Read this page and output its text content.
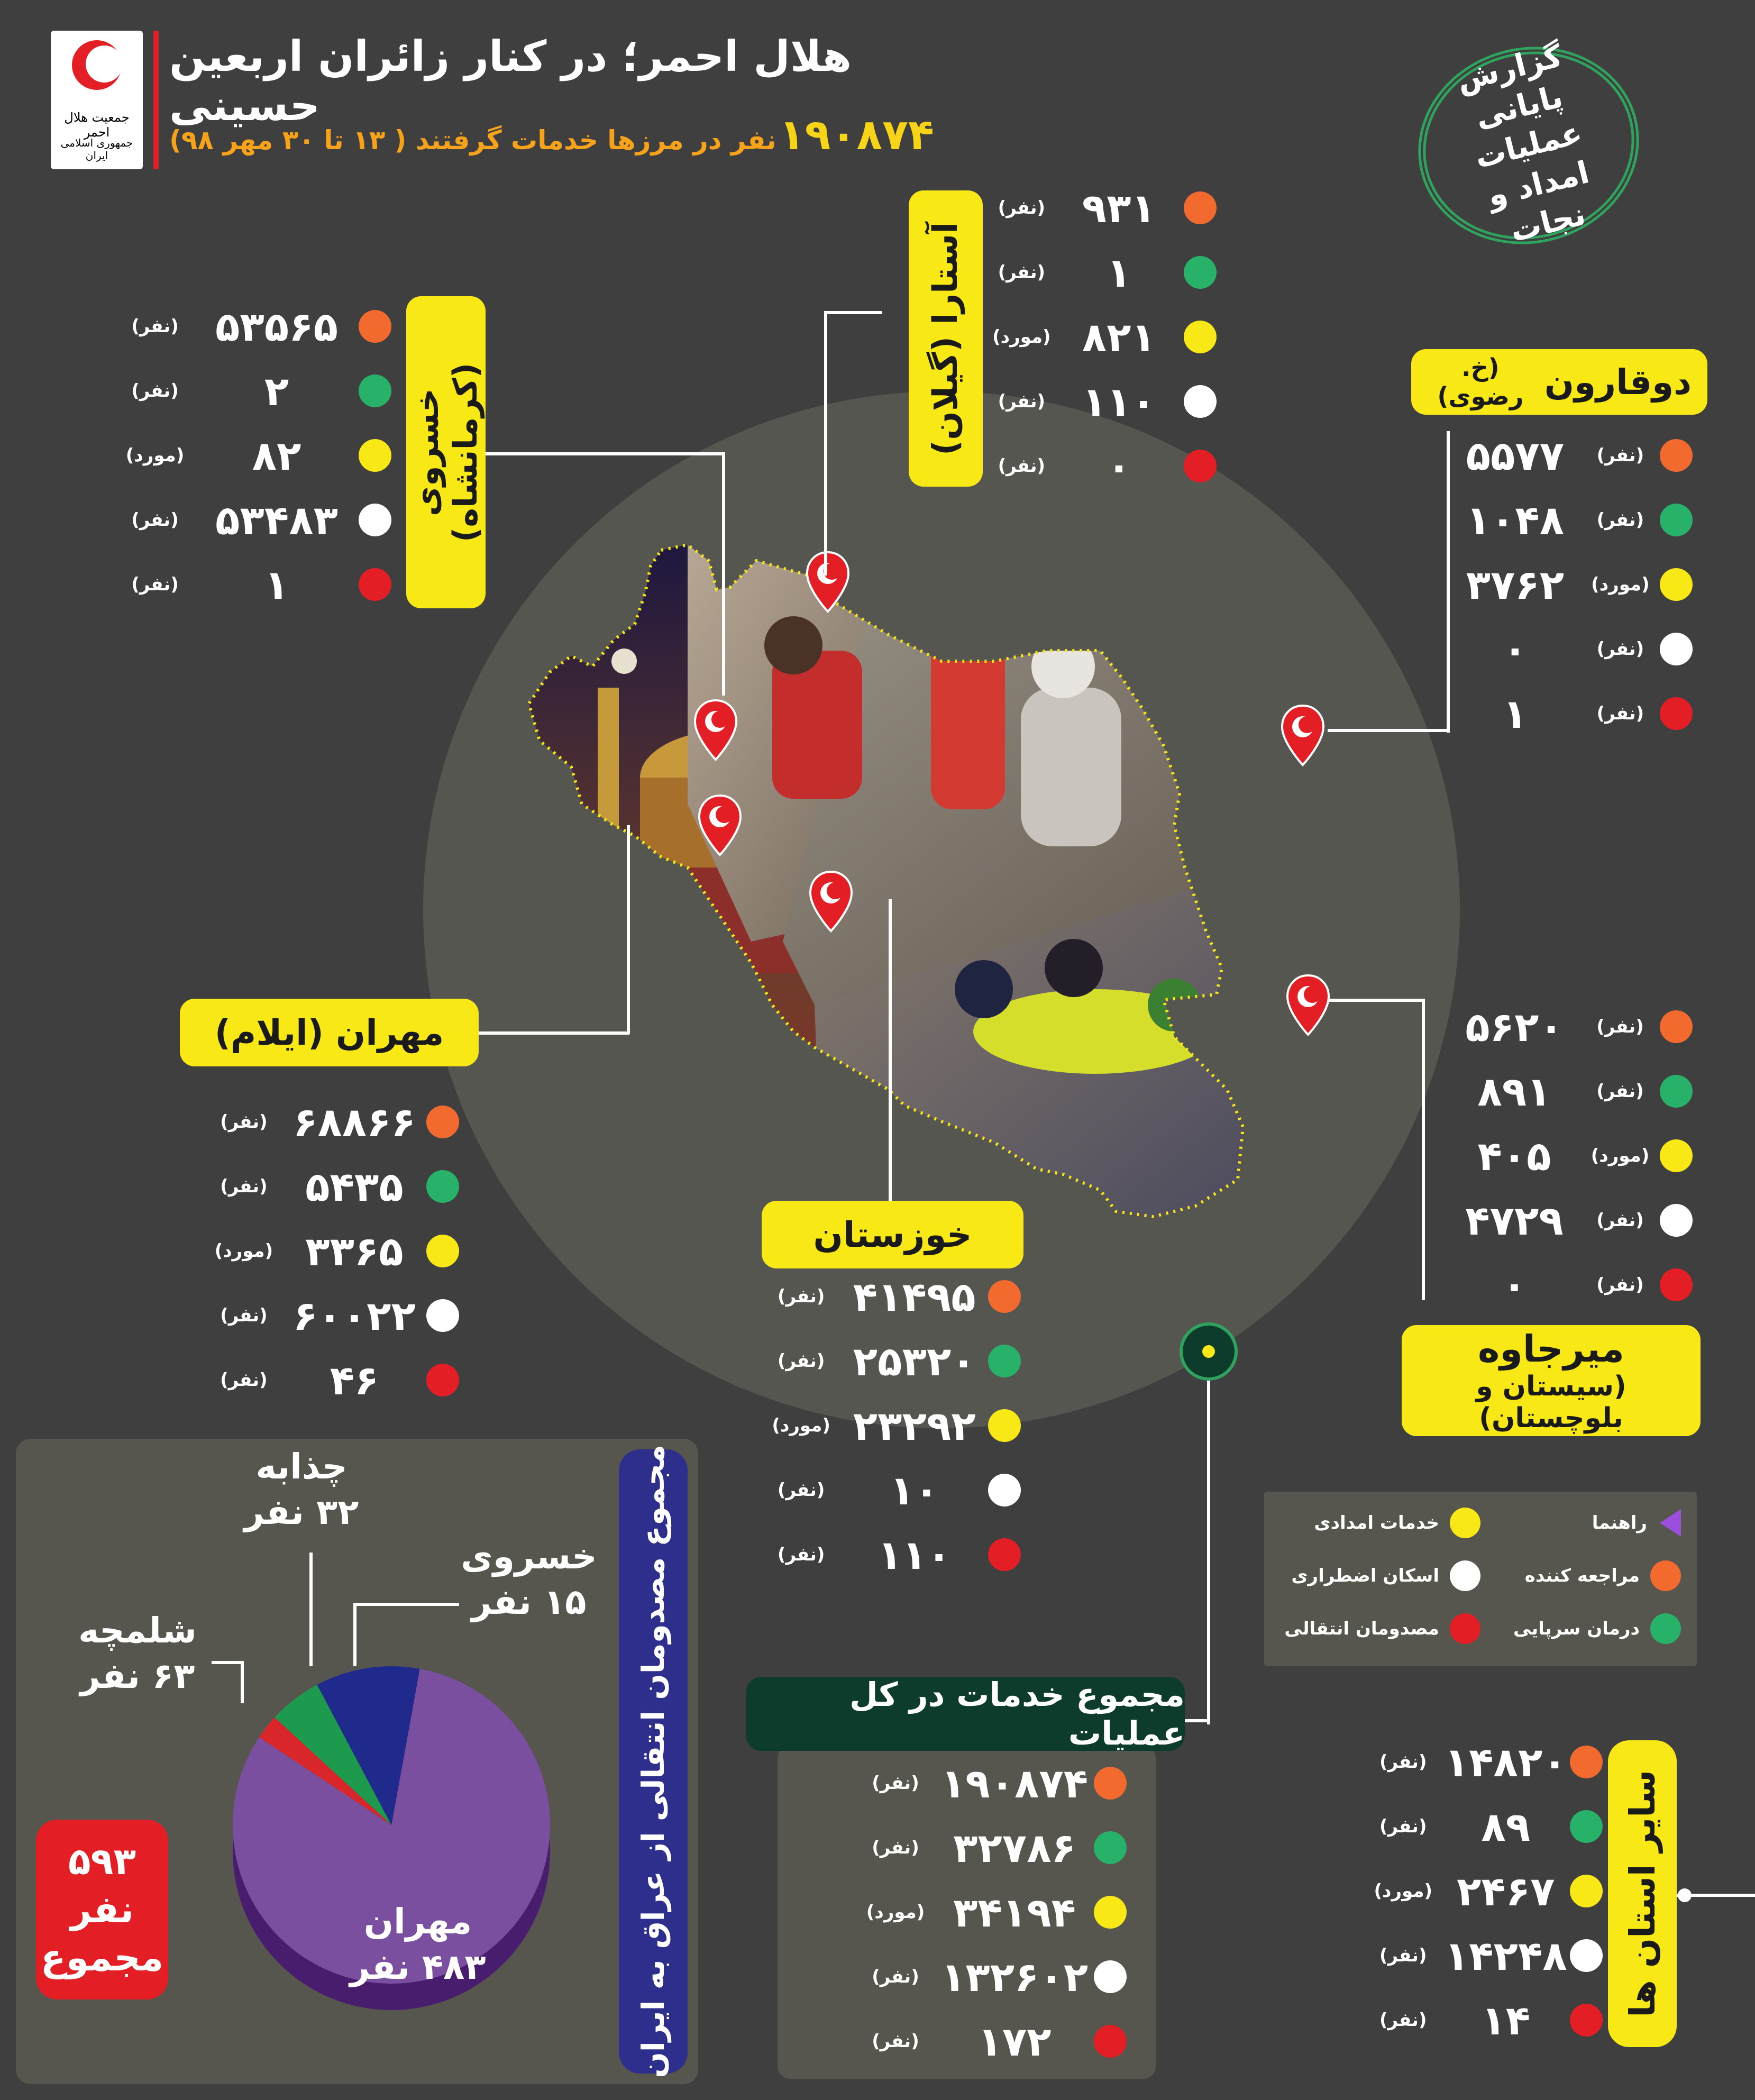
جمعیت هلال احمر
جمهوری اسلامی ایران
هلال احمر؛ در کنار زائران اربعین حسینی
۱۹۰۸۷۴ نفر در مرزها خدمات گرفتند ( ۱۳ تا ۳۰ مهر ۹۸)
گزارش پایانی عملیات امداد و نجات
آستارا (گیلان)
۹۳۱
(نفر)
۱
(نفر)
۸۲۱
(مورد)
۱۱۰
(نفر)
۰
(نفر)
خسروی (کرمانشاه)
۵۳۵۶۵
(نفر)
۲
(نفر)
۸۲
(مورد)
۵۳۴۸۳
(نفر)
۱
(نفر)
دوقارون
(خ. رضوی)
(نفر)
۵۵۷۷
(نفر)
۱۰۴۸
(مورد)
۳۷۶۲
(نفر)
۰
(نفر)
۱
مهران (ایلام)
۶۸۸۶۶
(نفر)
۵۴۳۵
(نفر)
۳۳۶۵
(مورد)
۶۰۰۲۲
(نفر)
۴۶
(نفر)
خوزستان
۴۱۴۹۵
(نفر)
۲۵۳۲۰
(نفر)
۲۳۲۹۲
(مورد)
۱۰
(نفر)
۱۱۰
(نفر)
(نفر)
۵۶۲۰
(نفر)
۸۹۱
(مورد)
۴۰۵
(نفر)
۴۷۲۹
(نفر)
۰
میرجاوه
(سیستان و بلوچستان)
راهنما
خدمات امدادی
مراجعه کننده
اسکان اضطراری
درمان سرپایی
مصدومان انتقالی
۱۹۰۸۷۴
(نفر)
۳۲۷۸۶
(نفر)
۳۴۱۹۴
(مورد)
۱۳۲۶۰۲
(نفر)
۱۷۲
(نفر)
مجموع خدمات در کل عملیات
۱۴۸۲۰
(نفر)
۸۹
(نفر)
۲۴۶۷
(مورد)
۱۴۲۴۸
(نفر)
۱۴
(نفر)
سایر استان ها
مجموع مصدومان انتقالی از عراق به ایران
چذابه
۳۲ نفر
خسروی
۱۵ نفر
شلمچه
۶۳ نفر
مهران
۴۸۳ نفر
۵۹۳
نفر
مجموع
